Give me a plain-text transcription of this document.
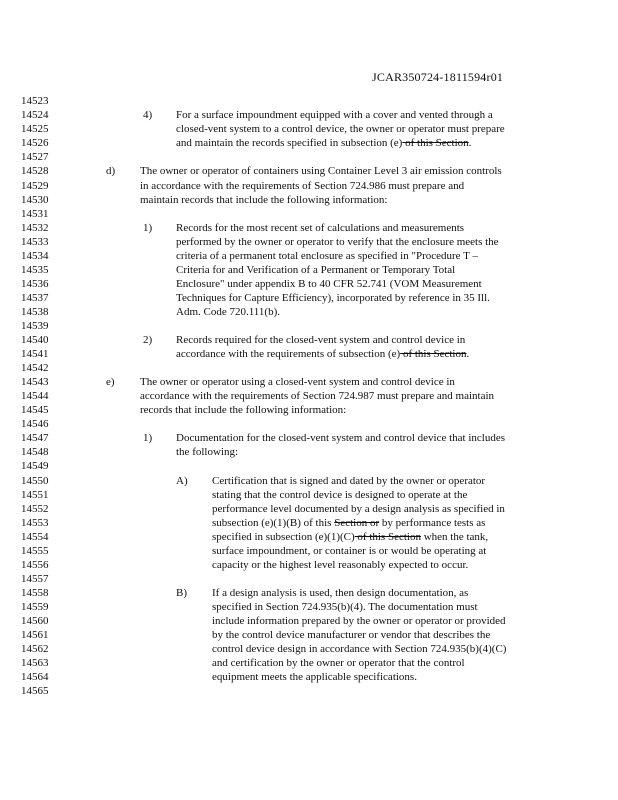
JCAR350724-1811594r01
14523
14524
14525
14526
14527
14528
14529
14530
14531
14532
14533
14534
14535
14536
14537
14538
14539
14540
14541
14542
14543
14544
14545
14546
14547
14548
14549
14550
14551
14552
14553
14554
14555
14556
14557
14558
14559
14560
14561
14562
14563
14564
14565
4) For a surface impoundment equipped with a cover and vented through a
closed-vent system to a control device, the owner or operator must prepare
and maintain the records specified in subsection (e) of this Section.
d) The owner or operator of containers using Container Level 3 air emission controls
in accordance with the requirements of Section 724.986 must prepare and
maintain records that include the following information:
1) Records for the most recent set of calculations and measurements
performed by the owner or operator to verify that the enclosure meets the
criteria of a permanent total enclosure as specified in "Procedure T –
Criteria for and Verification of a Permanent or Temporary Total
Enclosure" under appendix B to 40 CFR 52.741 (VOM Measurement
Techniques for Capture Efficiency), incorporated by reference in 35 Ill.
Adm. Code 720.111(b).
2) Records required for the closed-vent system and control device in
accordance with the requirements of subsection (e) of this Section.
e) The owner or operator using a closed-vent system and control device in
accordance with the requirements of Section 724.987 must prepare and maintain
records that include the following information:
1) Documentation for the closed-vent system and control device that includes
the following:
A) Certification that is signed and dated by the owner or operator
stating that the control device is designed to operate at the
performance level documented by a design analysis as specified in
subsection (e)(1)(B) of this Section or by performance tests as
specified in subsection (e)(1)(C) of this Section when the tank,
surface impoundment, or container is or would be operating at
capacity or the highest level reasonably expected to occur.
B) If a design analysis is used, then design documentation, as
specified in Section 724.935(b)(4). The documentation must
include information prepared by the owner or operator or provided
by the control device manufacturer or vendor that describes the
control device design in accordance with Section 724.935(b)(4)(C)
and certification by the owner or operator that the control
equipment meets the applicable specifications.
